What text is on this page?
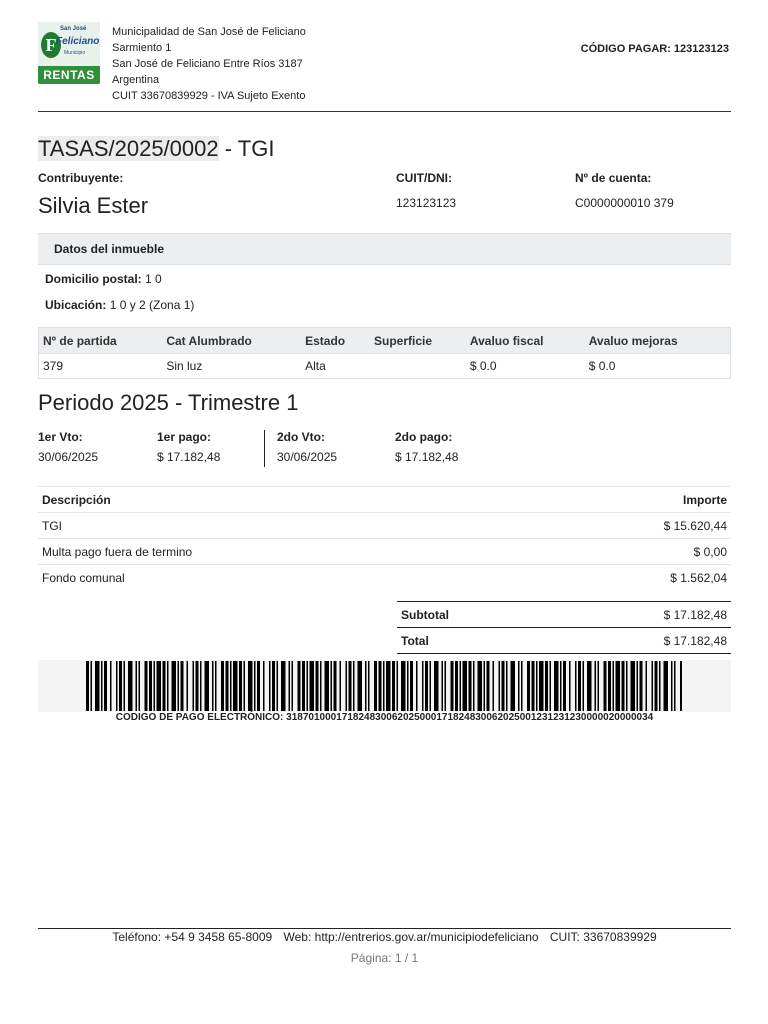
F
San José
Feliciano
Municipio
RENTAS
Municipalidad de San José de Feliciano
Sarmiento 1
San José de Feliciano Entre Ríos 3187
Argentina
CUIT 33670839929 - IVA Sujeto Exento
CÓDIGO PAGAR: 123123123
TASAS/2025/0002 - TGI
Contribuyente:
Silvia Ester
CUIT/DNI:
123123123
Nº de cuenta:
C0000000010 379
Datos del inmueble
Domicilio postal: 1 0
Ubicación: 1 0 y 2 (Zona 1)
Nº de partida	Cat Alumbrado	Estado	Superficie	Avaluo fiscal	Avaluo mejoras
379	Sin luz	Alta		$ 0.0	$ 0.0
Periodo 2025 - Trimestre 1
1er Vto:
30/06/2025
1er pago:
$ 17.182,48
2do Vto:
30/06/2025
2do pago:
$ 17.182,48
Descripción	Importe
TGI	$ 15.620,44
Multa pago fuera de termino	$ 0,00
Fondo comunal	$ 1.562,04
Subtotal	$ 17.182,48
Total	$ 17.182,48
CODIGO DE PAGO ELECTRÓNICO: 318701000171824830062025000171824830062025001231231230000020000034
Teléfono: +54 9 3458 65-8009 Web: http://entrerios.gov.ar/municipiodefeliciano CUIT: 33670839929
Página: 1 / 1
